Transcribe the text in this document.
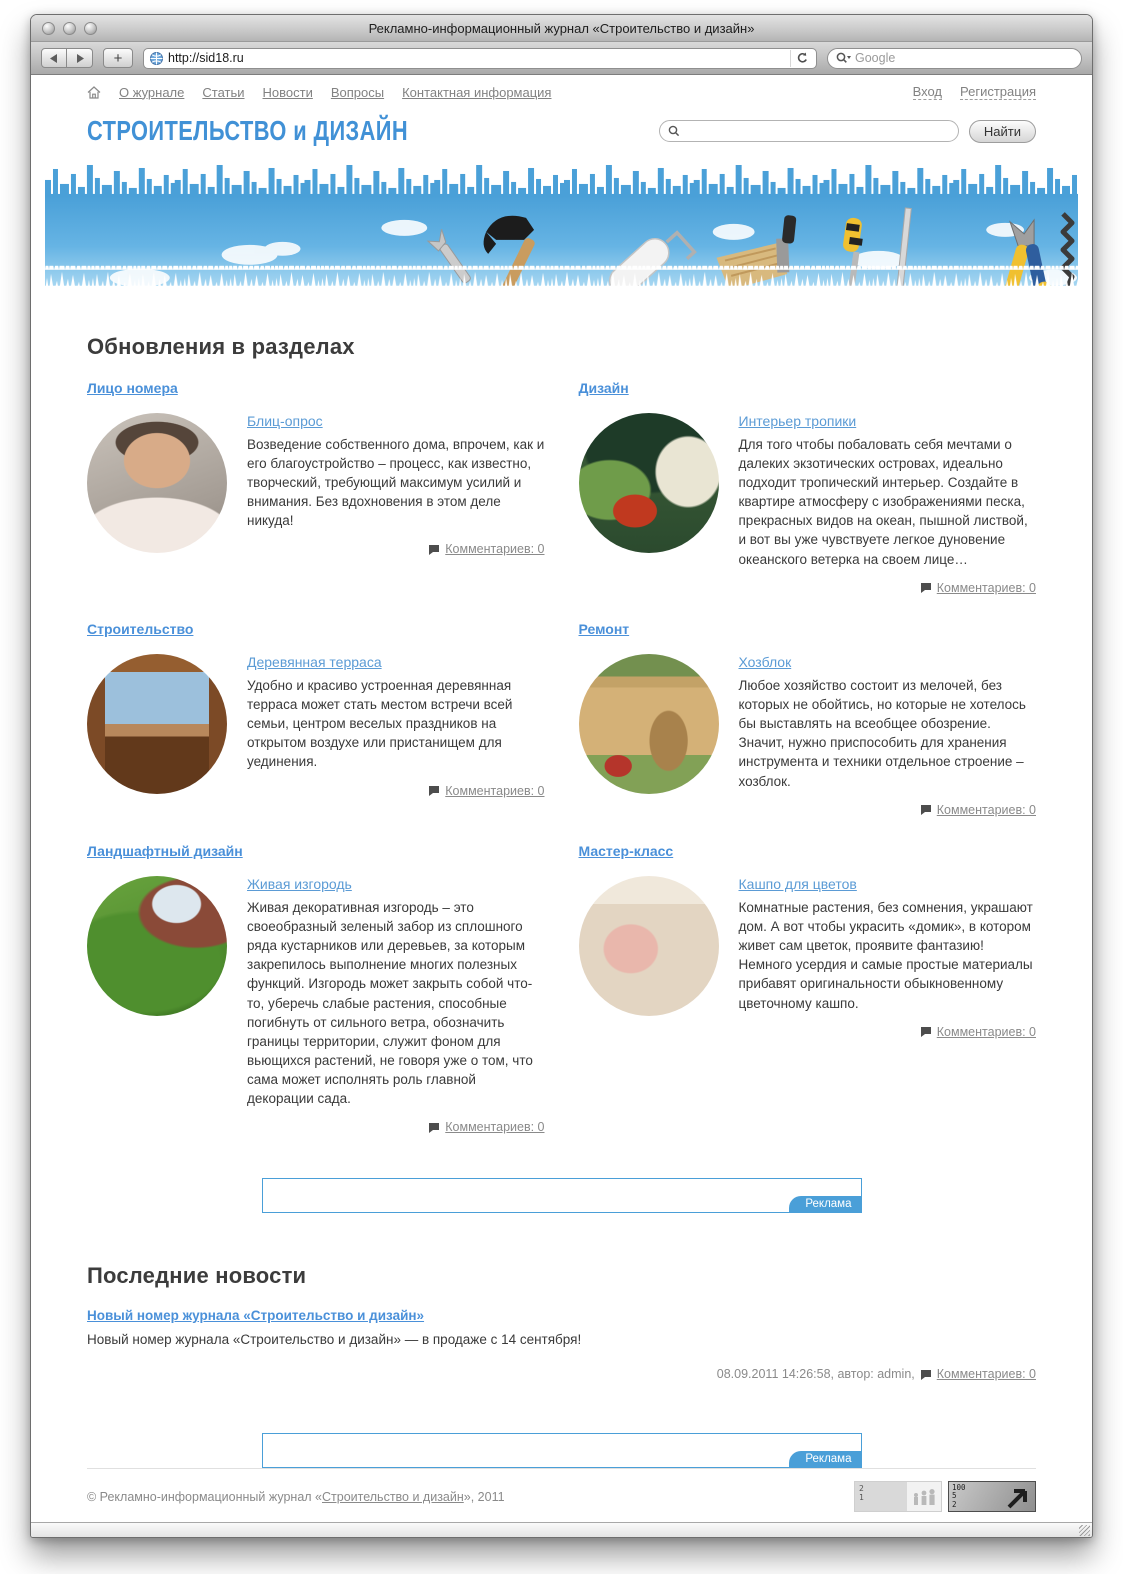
Рекламно-информационный журнал «Строительство и дизайн»
+	http://sid18.ru
Google
О журнале Статьи Новости Вопросы Контактная информация	Вход Регистрация
СТРОИТЕЛЬСТВО и ДИЗАЙН	Найти
Обновления в разделах
Лицо номера
Блиц-опрос

Возведение собственного дома, впрочем, как и его благоустройство – процесс, как известно, творческий, требующий максимум усилий и внимания. Без вдохновения в этом деле никуда!

Комментариев: 0
Дизайн
Интерьер тропики

Для того чтобы побаловать себя мечтами о далеких экзотических островах, идеально подходит тропический интерьер. Создайте в квартире атмосферу с изображениями песка, прекрасных видов на океан, пышной листвой, и вот вы уже чувствуете легкое дуновение океанского ветерка на своем лице…

Комментариев: 0
Строительство
Деревянная терраса

Удобно и красиво устроенная деревянная терраса может стать местом встречи всей семьи, центром веселых праздников на открытом воздухе или пристанищем для уединения.

Комментариев: 0
Ремонт
Хозблок

Любое хозяйство состоит из мелочей, без которых не обойтись, но которые не хотелось бы выставлять на всеобщее обозрение. Значит, нужно приспособить для хранения инструмента и техники отдельное строение – хозблок.

Комментариев: 0
Ландшафтный дизайн
Живая изгородь

Живая декоративная изгородь – это своеобразный зеленый забор из сплошного ряда кустарников или деревьев, за которым закрепилось выполнение многих полезных функций. Изгородь может закрыть собой что-то, уберечь слабые растения, способные погибнуть от сильного ветра, обозначить границы территории, служит фоном для вьющихся растений, не говоря уже о том, что сама может исполнять роль главной декорации сада.

Комментариев: 0
Мастер-класс
Кашпо для цветов

Комнатные растения, без сомнения, украшают дом. А вот чтобы украсить «домик», в котором живет сам цветок, проявите фантазию! Немного усердия и самые простые материалы прибавят оригинальности обыкновенному цветочному кашпо.

Комментариев: 0
Реклама
Последние новости
Новый номер журнала «Строительство и дизайн»

Новый номер журнала «Строительство и дизайн» — в продаже с 14 сентября!

08.09.2011 14:26:58, автор: admin, Комментариев: 0
Реклама
© Рекламно-информационный журнал «Строительство и дизайн», 2011
2
1
100
5
2
